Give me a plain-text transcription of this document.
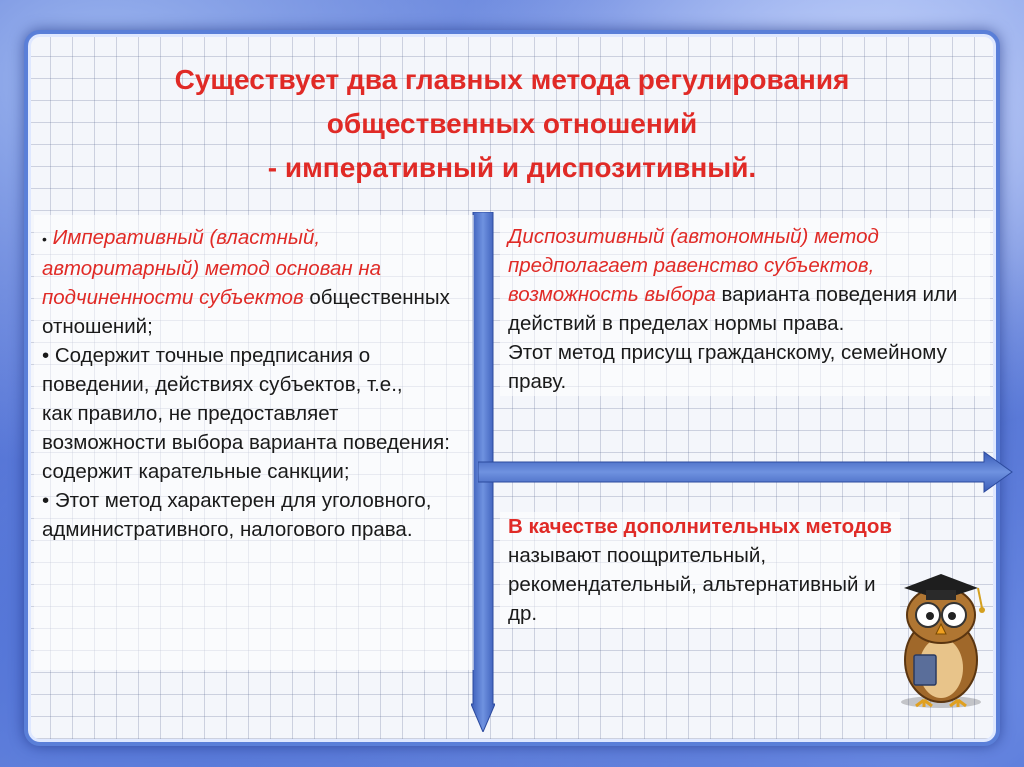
Существует два главных метода регулирования
общественных отношений
- императивный и диспозитивный.
• Императивный (властный, авторитарный) метод основан на подчиненности субъектов общественных отношений;
• Содержит точные предписания о поведении, действиях субъектов, т.е.,
как правило, не предоставляет возможности выбора варианта поведения: содержит карательные санкции;
• Этот метод характерен для уголовного, административного, налогового права.
Диспозитивный (автономный) метод предполагает равенство субъектов, возможность выбора варианта поведения или действий в пределах нормы права.
Этот метод присущ гражданскому, семейному праву.
В качестве дополнительных методов называют поощрительный, рекомендательный, альтернативный и др.
